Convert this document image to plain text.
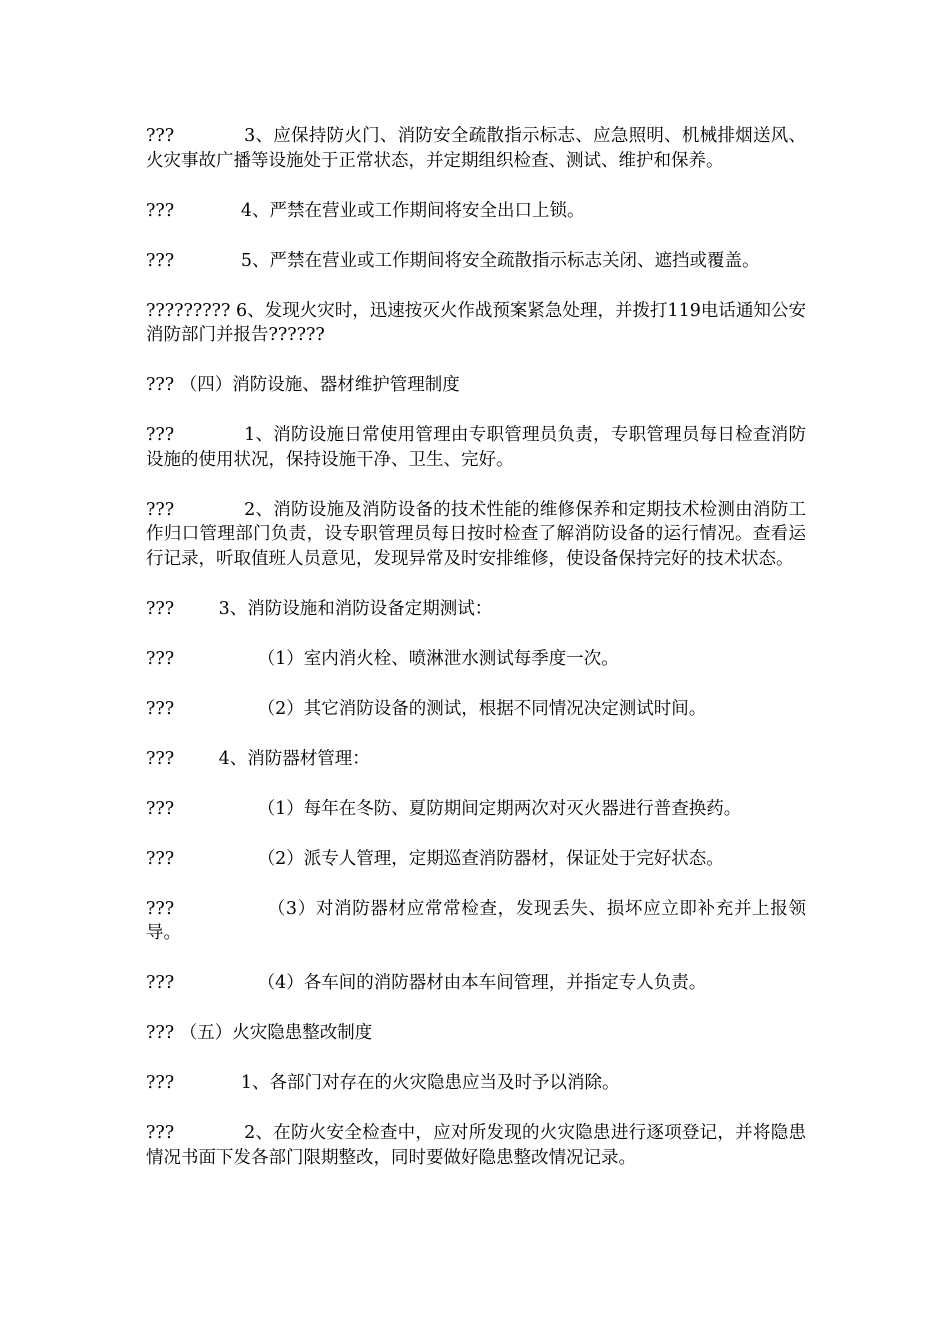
???            3、应保持防火门、消防安全疏散指示标志、应急照明、机械排烟送风、火灾事故广播等设施处于正常状态，并定期组织检查、测试、维护和保养。

???            4、严禁在营业或工作期间将安全出口上锁。

???            5、严禁在营业或工作期间将安全疏散指示标志关闭、遮挡或覆盖。

????????? 6、发现火灾时，迅速按灭火作战预案紧急处理，并拨打119电话通知公安消防部门并报告??????

??? （四）消防设施、器材维护管理制度

???            1、消防设施日常使用管理由专职管理员负责，专职管理员每日检查消防设施的使用状况，保持设施干净、卫生、完好。

???            2、消防设施及消防设备的技术性能的维修保养和定期技术检测由消防工作归口管理部门负责，设专职管理员每日按时检查了解消防设备的运行情况。查看运行记录，听取值班人员意见，发现异常及时安排维修，使设备保持完好的技术状态。

???        3、消防设施和消防设备定期测试：

???               （1）室内消火栓、喷淋泄水测试每季度一次。

???               （2）其它消防设备的测试，根据不同情况决定测试时间。

???        4、消防器材管理：

???               （1）每年在冬防、夏防期间定期两次对灭火器进行普查换药。

???               （2）派专人管理，定期巡查消防器材，保证处于完好状态。

???               （3）对消防器材应常常检查，发现丢失、损坏应立即补充并上报领导。

???               （4）各车间的消防器材由本车间管理，并指定专人负责。

??? （五）火灾隐患整改制度

???            1、各部门对存在的火灾隐患应当及时予以消除。

???            2、在防火安全检查中，应对所发现的火灾隐患进行逐项登记，并将隐患情况书面下发各部门限期整改，同时要做好隐患整改情况记录。
